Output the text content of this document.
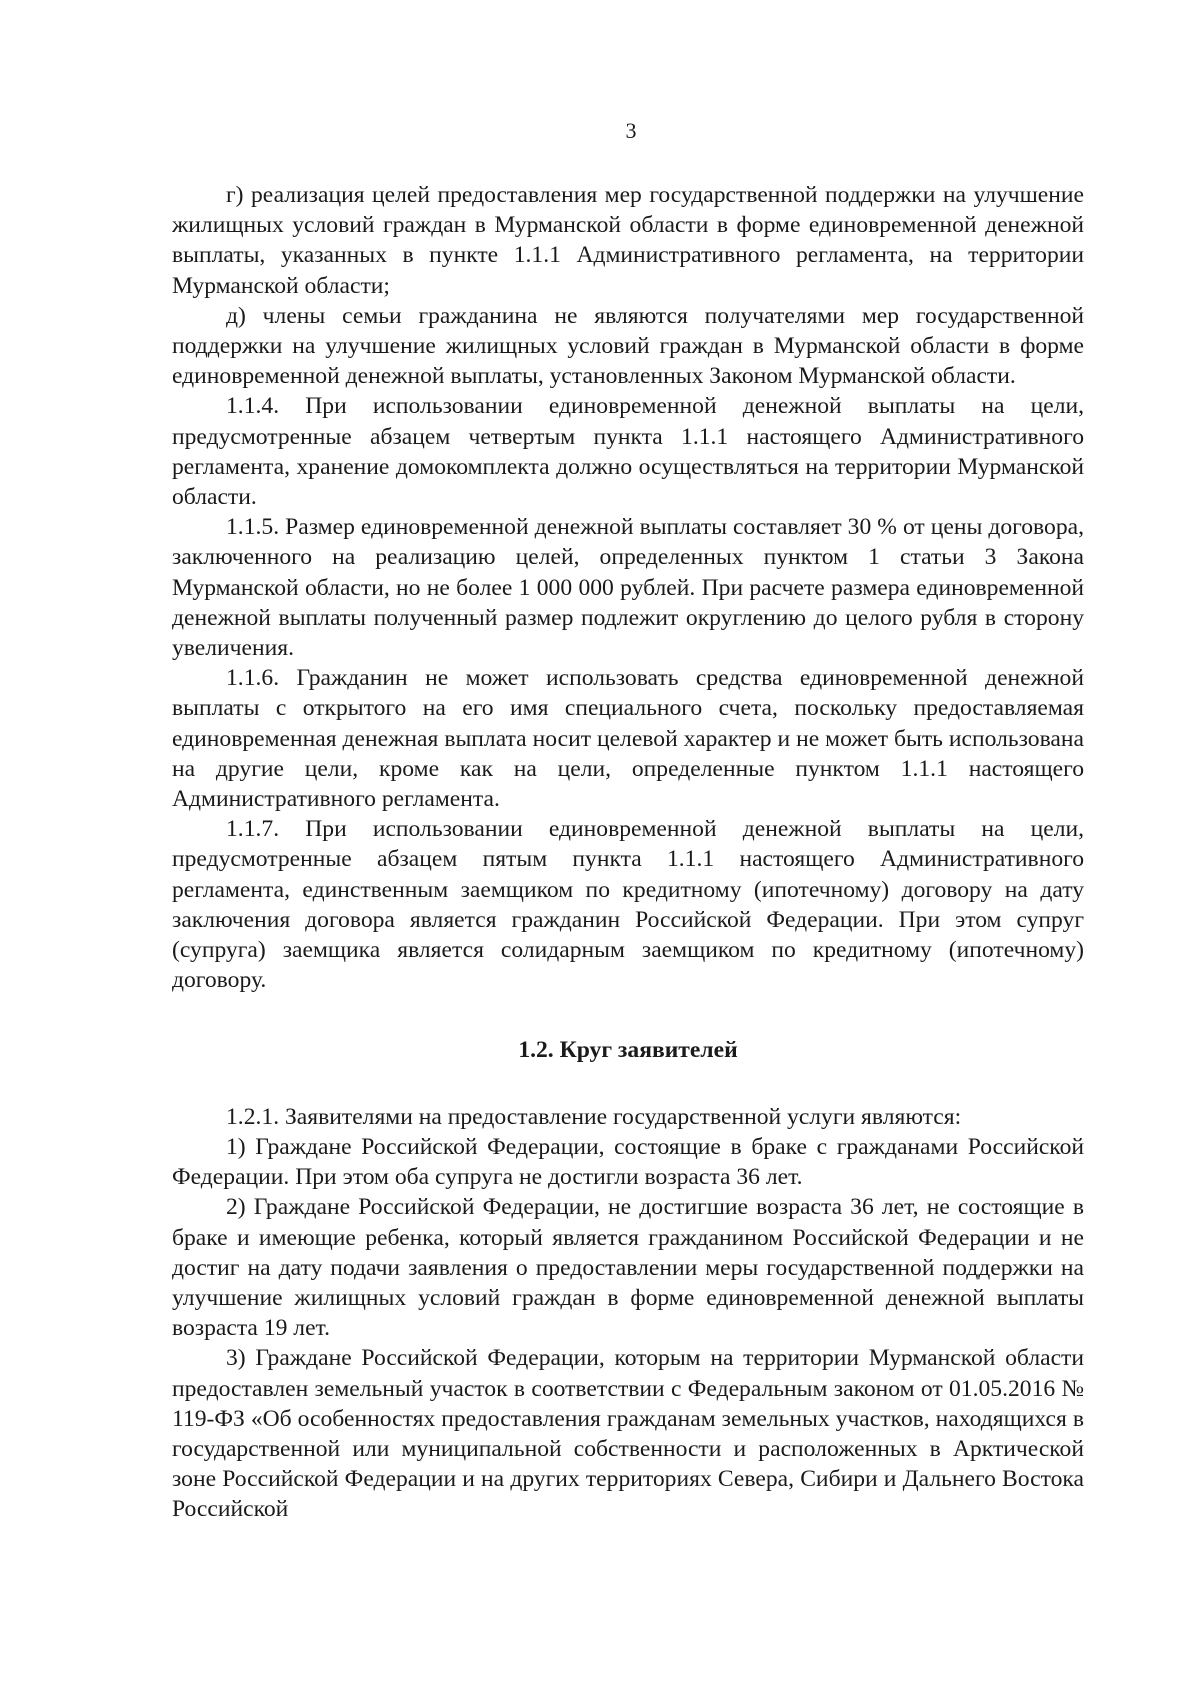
3

г) реализация целей предоставления мер государственной поддержки на улучшение жилищных условий граждан в Мурманской области в форме единовременной денежной выплаты, указанных в пункте 1.1.1 Административного регламента, на территории Мурманской области;

д) члены семьи гражданина не являются получателями мер государственной поддержки на улучшение жилищных условий граждан в Мурманской области в форме единовременной денежной выплаты, установленных Законом Мурманской области.

1.1.4. При использовании единовременной денежной выплаты на цели, предусмотренные абзацем четвертым пункта 1.1.1 настоящего Административного регламента, хранение домокомплекта должно осуществляться на территории Мурманской области.

1.1.5. Размер единовременной денежной выплаты составляет 30 % от цены договора, заключенного на реализацию целей, определенных пунктом 1 статьи 3 Закона Мурманской области, но не более 1 000 000 рублей. При расчете размера единовременной денежной выплаты полученный размер подлежит округлению до целого рубля в сторону увеличения.

1.1.6. Гражданин не может использовать средства единовременной денежной выплаты с открытого на его имя специального счета, поскольку предоставляемая единовременная денежная выплата носит целевой характер и не может быть использована на другие цели, кроме как на цели, определенные пунктом 1.1.1 настоящего Административного регламента.

1.1.7. При использовании единовременной денежной выплаты на цели, предусмотренные абзацем пятым пункта 1.1.1 настоящего Административного регламента, единственным заемщиком по кредитному (ипотечному) договору на дату заключения договора является гражданин Российской Федерации. При этом супруг (супруга) заемщика является солидарным заемщиком по кредитному (ипотечному) договору.

1.2. Круг заявителей

1.2.1. Заявителями на предоставление государственной услуги являются:

1) Граждане Российской Федерации, состоящие в браке с гражданами Российской Федерации. При этом оба супруга не достигли возраста 36 лет.

2) Граждане Российской Федерации, не достигшие возраста 36 лет, не состоящие в браке и имеющие ребенка, который является гражданином Российской Федерации и не достиг на дату подачи заявления о предоставлении меры государственной поддержки на улучшение жилищных условий граждан в форме единовременной денежной выплаты возраста 19 лет.

3) Граждане Российской Федерации, которым на территории Мурманской области предоставлен земельный участок в соответствии с Федеральным законом от 01.05.2016 № 119-ФЗ «Об особенностях предоставления гражданам земельных участков, находящихся в государственной или муниципальной собственности и расположенных в Арктической зоне Российской Федерации и на других территориях Севера, Сибири и Дальнего Востока Российской
